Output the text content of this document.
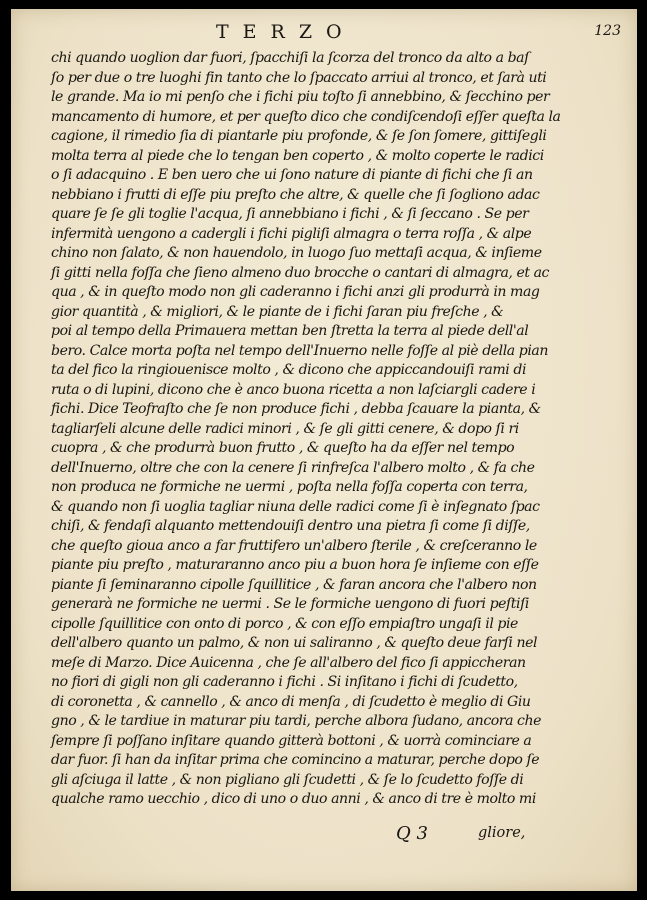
TERZO	123
chi quando uoglion dar fuori, ſpacchiſi la ſcorza del tronco da alto a baſ
ſo per due o tre luoghi fin tanto che lo ſpaccato arriui al tronco, et ſarà uti
le grande. Ma io mi penſo che i fichi piu toſto ſi annebbino, & ſecchino per
mancamento di humore, et per queſto dico che condiſcendoſi eſſer queſta la
cagione, il rimedio ſia di piantarle piu profonde, & ſe ſon ſomere, gittiſegli
molta terra al piede che lo tengan ben coperto , & molto coperte le radici
o ſi adacquino . E ben uero che ui ſono nature di piante di fichi che ſi an
nebbiano i frutti di eſſe piu preſto che altre, & quelle che ſi ſogliono adac
quare ſe ſe gli toglie l'acqua, ſi annebbiano i fichi , & ſi ſeccano . Se per
infermità uengono a cadergli i fichi pigliſi almagra o terra roſſa , & alpe
chino non ſalato, & non hauendolo, in luogo ſuo mettaſi acqua, & inſieme
ſi gitti nella foſſa che ſieno almeno duo brocche o cantari di almagra, et ac
qua , & in queſto modo non gli caderanno i fichi anzi gli produrrà in mag
gior quantità , & migliori, & le piante de i fichi ſaran piu freſche , &
poi al tempo della Primauera mettan ben ſtretta la terra al piede dell'al
bero. Calce morta poſta nel tempo dell'Inuerno nelle foſſe al piè della pian
ta del fico la ringiouenisce molto , & dicono che appiccandouiſi rami di
ruta o di lupini, dicono che è anco buona ricetta a non laſciargli cadere i
fichi. Dice Teofraſto che ſe non produce fichi , debba ſcauare la pianta, &
tagliarſeli alcune delle radici minori , & ſe gli gitti cenere, & dopo ſi ri
cuopra , & che produrrà buon frutto , & queſto ha da eſſer nel tempo
dell'Inuerno, oltre che con la cenere ſi rinfreſca l'albero molto , & fa che
non produca ne formiche ne uermi , poſta nella foſſa coperta con terra,
& quando non ſi uoglia tagliar niuna delle radici come ſi è inſegnato ſpac
chiſi, & fendaſi alquanto mettendouiſi dentro una pietra ſi come ſi diſſe,
che queſto gioua anco a far fruttifero un'albero ſterile , & creſceranno le
piante piu preſto , maturaranno anco piu a buon hora ſe inſieme con eſſe
piante ſi ſeminaranno cipolle ſquillitice , & faran ancora che l'albero non
generarà ne formiche ne uermi . Se le formiche uengono di fuori peſtiſi
cipolle ſquillitice con onto di porco , & con eſſo empiaſtro ungaſi il pie
dell'albero quanto un palmo, & non ui saliranno , & queſto deue farſi nel
meſe di Marzo. Dice Auicenna , che ſe all'albero del fico ſi appiccheran
no fiori di gigli non gli caderanno i fichi . Si inſitano i fichi di ſcudetto,
di coronetta , & cannello , & anco di menſa , di ſcudetto è meglio di Giu
gno , & le tardiue in maturar piu tardi, perche albora ſudano, ancora che
ſempre ſi poſſano inſitare quando gitterà bottoni , & uorrà cominciare a
dar fuor. ſi han da inſitar prima che comincino a maturar, perche dopo ſe
gli aſciuga il latte , & non pigliano gli ſcudetti , & ſe lo ſcudetto foſſe di
qualche ramo uecchio , dico di uno o duo anni , & anco di tre è molto mi
Q 3	gliore,
